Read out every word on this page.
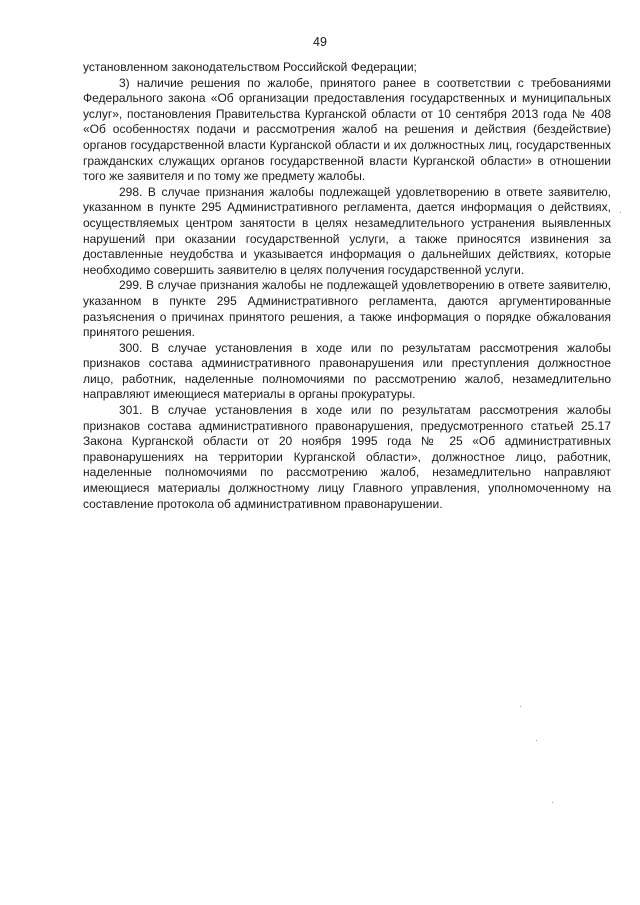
49

установленном законодательством Российской Федерации;

3) наличие решения по жалобе, принятого ранее в соответствии с требованиями Федерального закона «Об организации предоставления государственных и муниципальных услуг», постановления Правительства Курганской области от 10 сентября 2013 года № 408 «Об особенностях подачи и рассмотрения жалоб на решения и действия (бездействие) органов государственной власти Курганской области и их должностных лиц, государственных гражданских служащих органов государственной власти Курганской области» в отношении того же заявителя и по тому же предмету жалобы.

298. В случае признания жалобы подлежащей удовлетворению в ответе заявителю, указанном в пункте 295 Административного регламента, дается информация о действиях, осуществляемых центром занятости в целях незамедлительного устранения выявленных нарушений при оказании государственной услуги, а также приносятся извинения за доставленные неудобства и указывается информация о дальнейших действиях, которые необходимо совершить заявителю в целях получения государственной услуги.

299. В случае признания жалобы не подлежащей удовлетворению в ответе заявителю, указанном в пункте 295 Административного регламента, даются аргументированные разъяснения о причинах принятого решения, а также информация о порядке обжалования принятого решения.

300. В случае установления в ходе или по результатам рассмотрения жалобы признаков состава административного правонарушения или преступления должностное лицо, работник, наделенные полномочиями по рассмотрению жалоб, незамедлительно направляют имеющиеся материалы в органы прокуратуры.

301. В случае установления в ходе или по результатам рассмотрения жалобы признаков состава административного правонарушения, предусмотренного статьей 25.17 Закона Курганской области от 20 ноября 1995 года № 25 «Об административных правонарушениях на территории Курганской области», должностное лицо, работник, наделенные полномочиями по рассмотрению жалоб, незамедлительно направляют имеющиеся материалы должностному лицу Главного управления, уполномоченному на составление протокола об административном правонарушении.
